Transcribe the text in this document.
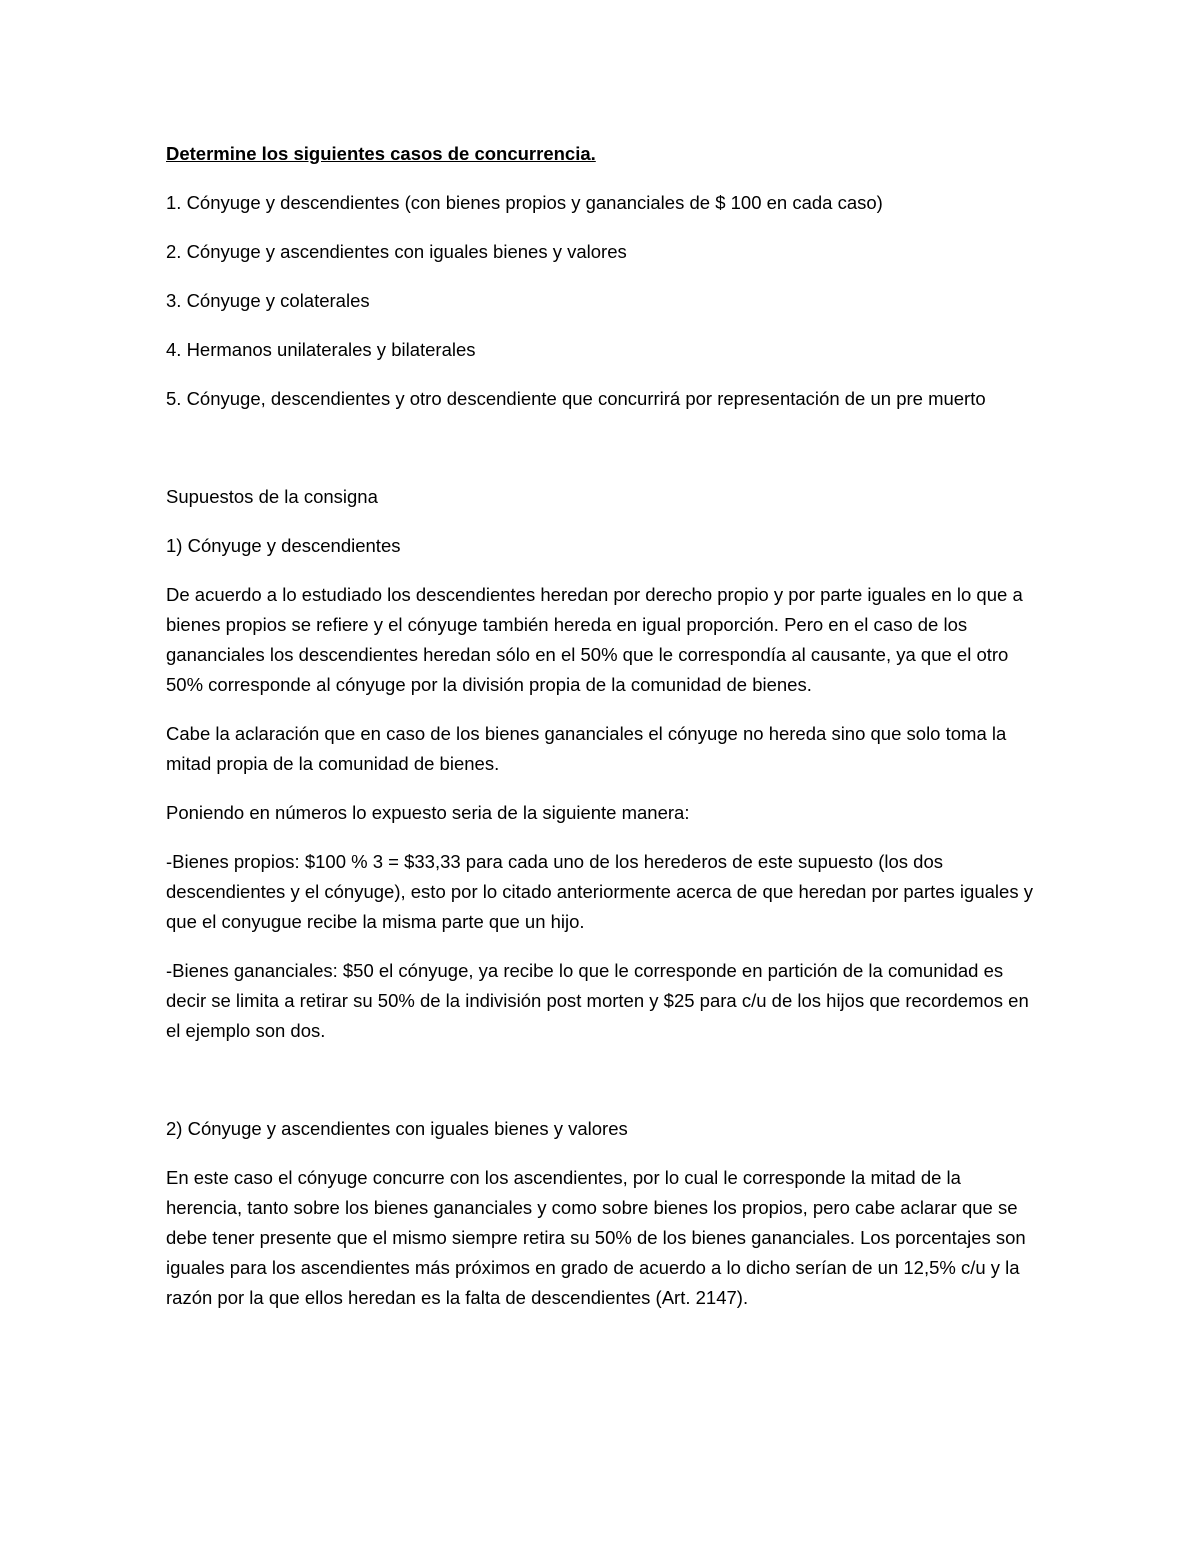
Determine los siguientes casos de concurrencia.

1. Cónyuge y descendientes (con bienes propios y gananciales de $ 100 en cada caso)

2. Cónyuge y ascendientes con iguales bienes y valores

3. Cónyuge y colaterales

4. Hermanos unilaterales y bilaterales

5. Cónyuge, descendientes y otro descendiente que concurrirá por representación de un pre muerto

Supuestos de la consigna

1) Cónyuge y descendientes

De acuerdo a lo estudiado los descendientes heredan por derecho propio y por parte iguales en lo que a bienes propios se refiere y el cónyuge también hereda en igual proporción. Pero en el caso de los gananciales los descendientes heredan sólo en el 50% que le correspondía al causante, ya que el otro 50% corresponde al cónyuge por la división propia de la comunidad de bienes.

Cabe la aclaración que en caso de los bienes gananciales el cónyuge no hereda sino que solo toma la mitad propia de la comunidad de bienes.

Poniendo en números lo expuesto seria de la siguiente manera:

-Bienes propios: $100 % 3 = $33,33 para cada uno de los herederos de este supuesto (los dos descendientes y el cónyuge), esto por lo citado anteriormente acerca de que heredan por partes iguales y que el conyugue recibe la misma parte que un hijo.

-Bienes gananciales: $50 el cónyuge, ya recibe lo que le corresponde en partición de la comunidad es decir se limita a retirar su 50% de la indivisión post morten y $25 para c/u de los hijos que recordemos en el ejemplo son dos.

2) Cónyuge y ascendientes con iguales bienes y valores

En este caso el cónyuge concurre con los ascendientes, por lo cual le corresponde la mitad de la herencia, tanto sobre los bienes gananciales y como sobre bienes los propios, pero cabe aclarar que se debe tener presente que el mismo siempre retira su 50% de los bienes gananciales. Los porcentajes son iguales para los ascendientes más próximos en grado de acuerdo a lo dicho serían de un 12,5% c/u y la razón por la que ellos heredan es la falta de descendientes (Art. 2147).
